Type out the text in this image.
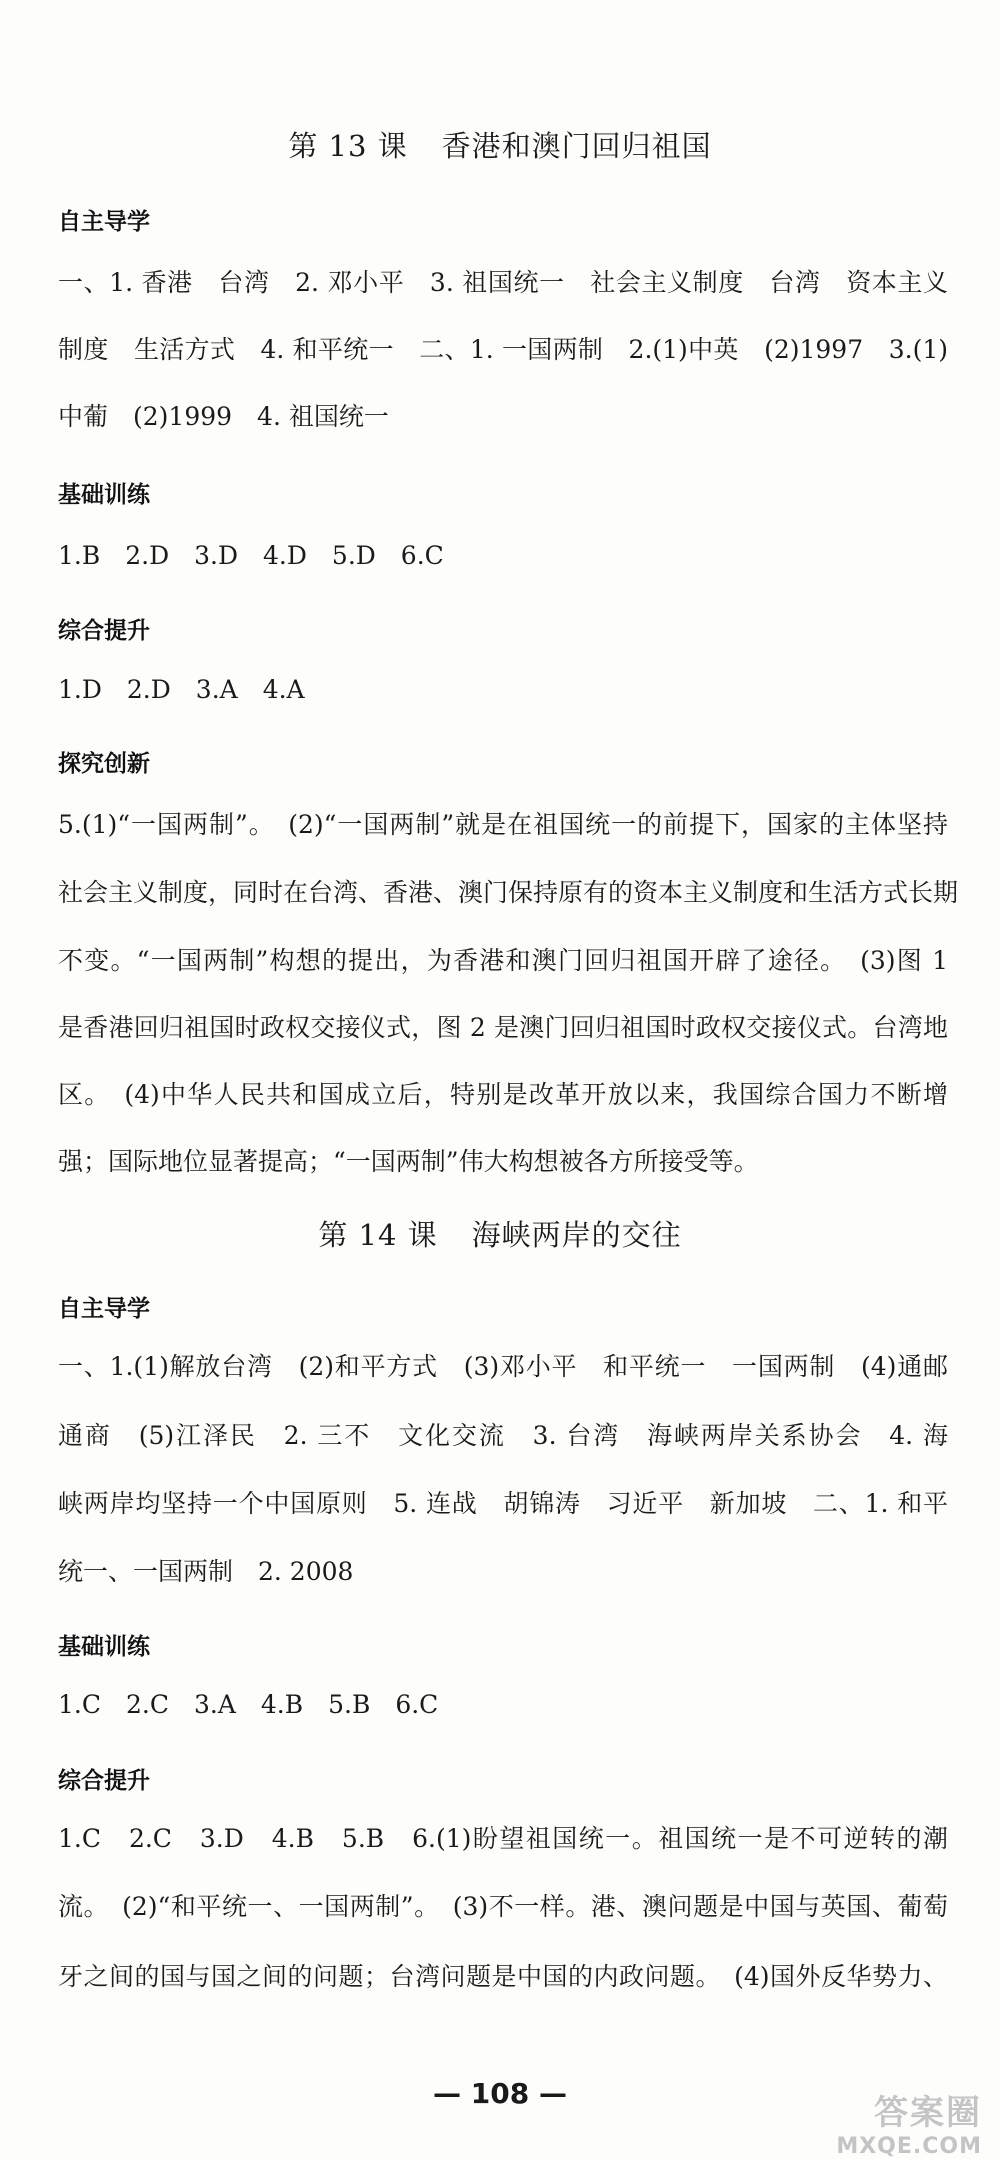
第 13 课 香港和澳门回归祖国
自主导学
一、1. 香港　台湾　2. 邓小平　3. 祖国统一　社会主义制度　台湾　资本主义
制度　生活方式　4. 和平统一　二、1. 一国两制　2.(1)中英　(2)1997　3.(1)
中葡　(2)1999　4. 祖国统一
基础训练
1.B　2.D　3.D　4.D　5.D　6.C
综合提升
1.D　2.D　3.A　4.A
探究创新
5.(1)“一国两制”。　(2)“一国两制”就是在祖国统一的前提下，国家的主体坚持
社会主义制度，同时在台湾、香港、澳门保持原有的资本主义制度和生活方式长期
不变。“一国两制”构想的提出，为香港和澳门回归祖国开辟了途径。　(3)图 1
是香港回归祖国时政权交接仪式，图 2 是澳门回归祖国时政权交接仪式。台湾地
区。　(4)中华人民共和国成立后，特别是改革开放以来，我国综合国力不断增
强；国际地位显著提高；“一国两制”伟大构想被各方所接受等。
第 14 课 海峡两岸的交往
自主导学
一、1.(1)解放台湾　(2)和平方式　(3)邓小平　和平统一　一国两制　(4)通邮
通商　(5)江泽民　2. 三不　文化交流　3. 台湾　海峡两岸关系协会　4. 海
峡两岸均坚持一个中国原则　5. 连战　胡锦涛　习近平　新加坡　二、1. 和平
统一、一国两制　2. 2008
基础训练
1.C　2.C　3.A　4.B　5.B　6.C
综合提升
1.C　2.C　3.D　4.B　5.B　6.(1)盼望祖国统一。祖国统一是不可逆转的潮
流。　(2)“和平统一、一国两制”。　(3)不一样。港、澳问题是中国与英国、葡萄
牙之间的国与国之间的问题；台湾问题是中国的内政问题。　(4)国外反华势力、
— 108 —	答案圈
MXQE.COM
